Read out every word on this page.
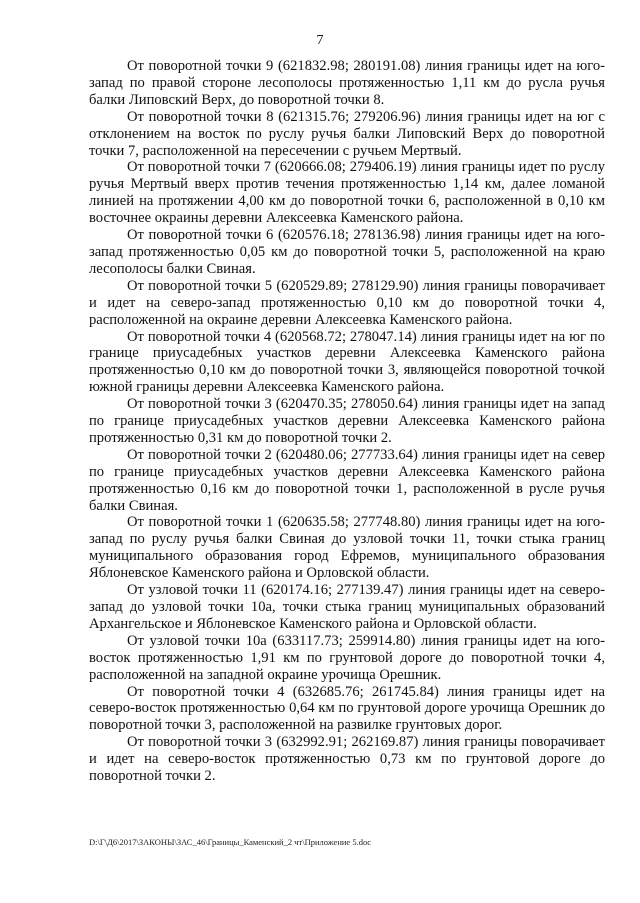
7

От поворотной точки 9 (621832.98; 280191.08) линия границы идет на юго-запад по правой стороне лесополосы протяженностью 1,11 км до русла ручья балки Липовский Верх, до поворотной точки 8.

От поворотной точки 8 (621315.76; 279206.96) линия границы идет на юг с отклонением на восток по руслу ручья балки Липовский Верх до поворотной точки 7, расположенной на пересечении с ручьем Мертвый.

От поворотной точки 7 (620666.08; 279406.19) линия границы идет по руслу ручья Мертвый вверх против течения протяженностью 1,14 км, далее ломаной линией на протяжении 4,00 км до поворотной точки 6, расположенной в 0,10 км восточнее окраины деревни Алексеевка Каменского района.

От поворотной точки 6 (620576.18; 278136.98) линия границы идет на юго-запад протяженностью 0,05 км до поворотной точки 5, расположенной на краю лесополосы балки Свиная.

От поворотной точки 5 (620529.89; 278129.90) линия границы поворачивает и идет на северо-запад протяженностью 0,10 км до поворотной точки 4, расположенной на окраине деревни Алексеевка Каменского района.

От поворотной точки 4 (620568.72; 278047.14) линия границы идет на юг по границе приусадебных участков деревни Алексеевка Каменского района протяженностью 0,10 км до поворотной точки 3, являющейся поворотной точкой южной границы деревни Алексеевка Каменского района.

От поворотной точки 3 (620470.35; 278050.64) линия границы идет на запад по границе приусадебных участков деревни Алексеевка Каменского района протяженностью 0,31 км до поворотной точки 2.

От поворотной точки 2 (620480.06; 277733.64) линия границы идет на север по границе приусадебных участков деревни Алексеевка Каменского района протяженностью 0,16 км до поворотной точки 1, расположенной в русле ручья балки Свиная.

От поворотной точки 1 (620635.58; 277748.80) линия границы идет на юго-запад по руслу ручья балки Свиная до узловой точки 11, точки стыка границ муниципального образования город Ефремов, муниципального образования Яблоневское Каменского района и Орловской области.

От узловой точки 11 (620174.16; 277139.47) линия границы идет на северо-запад до узловой точки 10а, точки стыка границ муниципальных образований Архангельское и Яблоневское Каменского района и Орловской области.

От узловой точки 10а (633117.73; 259914.80) линия границы идет на юго-восток протяженностью 1,91 км по грунтовой дороге до поворотной точки 4, расположенной на западной окраине урочища Орешник.

От поворотной точки 4 (632685.76; 261745.84) линия границы идет на северо-восток протяженностью 0,64 км по грунтовой дороге урочища Орешник до поворотной точки 3, расположенной на развилке грунтовых дорог.

От поворотной точки 3 (632992.91; 262169.87) линия границы поворачивает и идет на северо-восток протяженностью 0,73 км по грунтовой дороге до поворотной точки 2.

D:\Г\Д6\2017\ЗАКОНЫ\ЗАС_46\Границы_Каменский_2 чт\Приложение 5.doc
